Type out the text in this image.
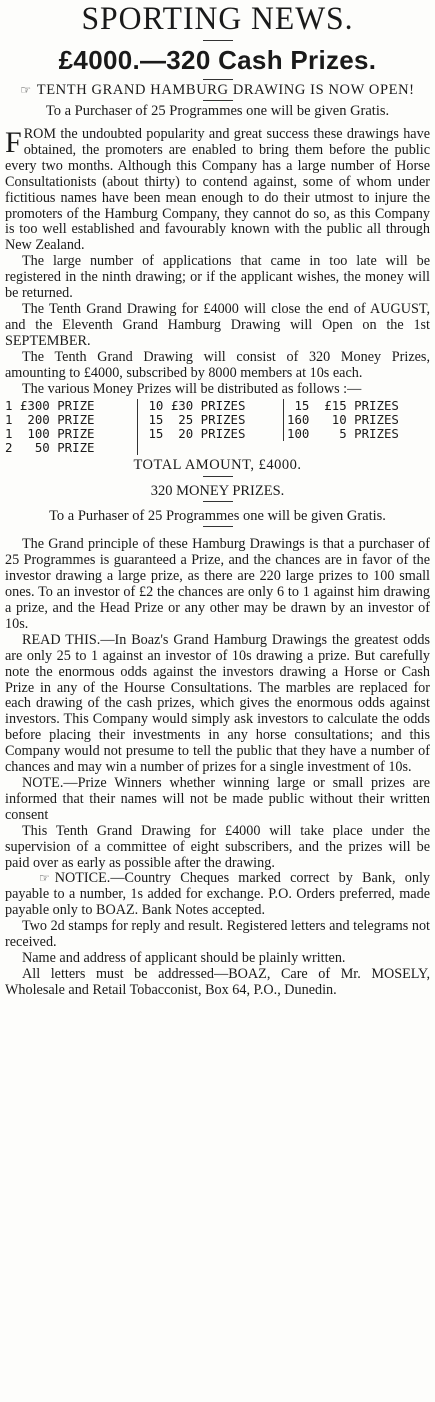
SPORTING NEWS.
£4000.—320 Cash Prizes.
☞ TENTH GRAND HAMBURG DRAWING IS NOW OPEN!
To a Purchaser of 25 Programmes one will be given Gratis.

FROM the undoubted popularity and great success these drawings have obtained, the promoters are enabled to bring them before the public every two months. Although this Company has a large number of Horse Consultationists (about thirty) to contend against, some of whom under fictitious names have been mean enough to do their utmost to injure the promoters of the Hamburg Company, they cannot do so, as this Company is too well established and favourably known with the public all through New Zealand.

The large number of applications that came in too late will be registered in the ninth drawing; or if the applicant wishes, the money will be returned.

The Tenth Grand Drawing for £4000 will close the end of AUGUST, and the Eleventh Grand Hamburg Drawing will Open on the 1st SEPTEMBER.

The Tenth Grand Drawing will consist of 320 Money Prizes, amounting to £4000, subscribed by 8000 members at 10s each.

The various Money Prizes will be distributed as follows :—

1 £300 PRIZE	10 £30 PRIZES	15  £15 PRIZES
1  200 PRIZE	15  25 PRIZES	160   10 PRIZES
1  100 PRIZE	15  20 PRIZES	100    5 PRIZES
2   50 PRIZE
TOTAL AMOUNT, £4000.
320 MONEY PRIZES.
To a Purhaser of 25 Programmes one will be given Gratis.

The Grand principle of these Hamburg Drawings is that a purchaser of 25 Programmes is guaranteed a Prize, and the chances are in favor of the investor drawing a large prize, as there are 220 large prizes to 100 small ones. To an investor of £2 the chances are only 6 to 1 against him drawing a prize, and the Head Prize or any other may be drawn by an investor of 10s.

READ THIS.—In Boaz's Grand Hamburg Drawings the greatest odds are only 25 to 1 against an investor of 10s drawing a prize. But carefully note the enormous odds against the investors drawing a Horse or Cash Prize in any of the Hourse Consultations. The marbles are replaced for each drawing of the cash prizes, which gives the enormous odds against investors. This Company would simply ask investors to calculate the odds before placing their investments in any horse consultations; and this Company would not presume to tell the public that they have a number of chances and may win a number of prizes for a single investment of 10s.

NOTE.—Prize Winners whether winning large or small prizes are informed that their names will not be made public without their written consent

This Tenth Grand Drawing for £4000 will take place under the supervision of a committee of eight subscribers, and the prizes will be paid over as early as possible after the drawing.

☞ NOTICE.—Country Cheques marked correct by Bank, only payable to a number, 1s added for exchange. P.O. Orders preferred, made payable only to BOAZ. Bank Notes accepted.

Two 2d stamps for reply and result. Registered letters and telegrams not received.

Name and address of applicant should be plainly written.

All letters must be addressed—BOAZ, Care of Mr. MOSELY, Wholesale and Retail Tobacconist, Box 64, P.O., Dunedin.
